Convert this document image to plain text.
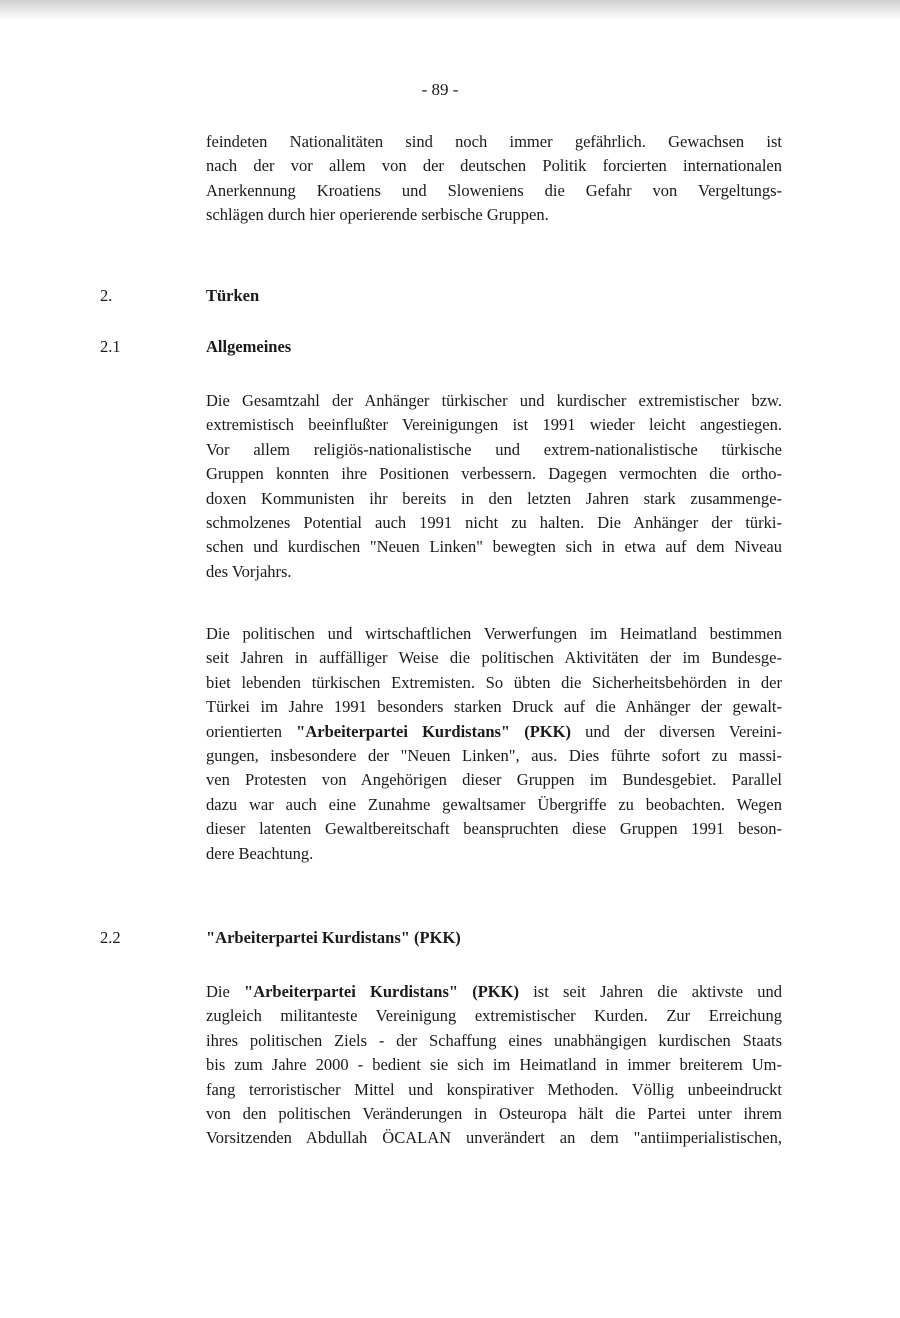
- 89 -
feindeten Nationalitäten sind noch immer gefährlich. Gewachsen ist
nach der vor allem von der deutschen Politik forcierten internationalen
Anerkennung Kroatiens und Sloweniens die Gefahr von Vergeltungs-
schlägen durch hier operierende serbische Gruppen.
2.	Türken
2.1	Allgemeines
Die Gesamtzahl der Anhänger türkischer und kurdischer extremistischer bzw.
extremistisch beeinflußter Vereinigungen ist 1991 wieder leicht angestiegen.
Vor allem religiös-nationalistische und extrem-nationalistische türkische
Gruppen konnten ihre Positionen verbessern. Dagegen vermochten die ortho-
doxen Kommunisten ihr bereits in den letzten Jahren stark zusammenge-
schmolzenes Potential auch 1991 nicht zu halten. Die Anhänger der türki-
schen und kurdischen "Neuen Linken" bewegten sich in etwa auf dem Niveau
des Vorjahrs.
Die politischen und wirtschaftlichen Verwerfungen im Heimatland bestimmen
seit Jahren in auffälliger Weise die politischen Aktivitäten der im Bundesge-
biet lebenden türkischen Extremisten. So übten die Sicherheitsbehörden in der
Türkei im Jahre 1991 besonders starken Druck auf die Anhänger der gewalt-
orientierten "Arbeiterpartei Kurdistans" (PKK) und der diversen Vereini-
gungen, insbesondere der "Neuen Linken", aus. Dies führte sofort zu massi-
ven Protesten von Angehörigen dieser Gruppen im Bundesgebiet. Parallel
dazu war auch eine Zunahme gewaltsamer Übergriffe zu beobachten. Wegen
dieser latenten Gewaltbereitschaft beanspruchten diese Gruppen 1991 beson-
dere Beachtung.
2.2	"Arbeiterpartei Kurdistans" (PKK)
Die "Arbeiterpartei Kurdistans" (PKK) ist seit Jahren die aktivste und
zugleich militanteste Vereinigung extremistischer Kurden. Zur Erreichung
ihres politischen Ziels - der Schaffung eines unabhängigen kurdischen Staats
bis zum Jahre 2000 - bedient sie sich im Heimatland in immer breiterem Um-
fang terroristischer Mittel und konspirativer Methoden. Völlig unbeeindruckt
von den politischen Veränderungen in Osteuropa hält die Partei unter ihrem
Vorsitzenden Abdullah ÖCALAN unverändert an dem "antiimperialistischen,
